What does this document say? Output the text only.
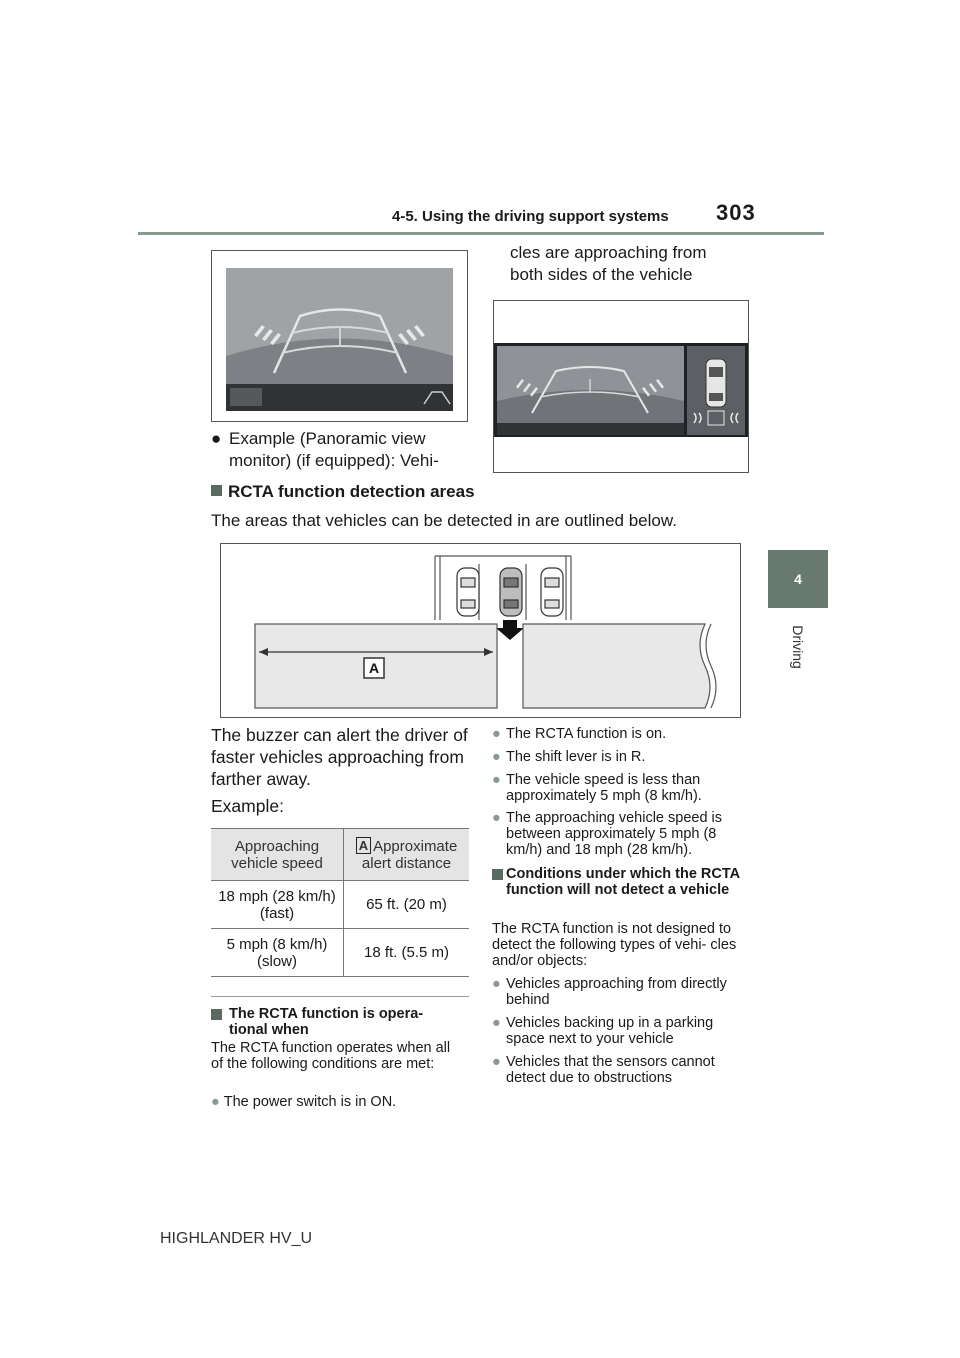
4-5. Using the driving support systems 303
4
Driving
cles are approaching from both sides of the vehicle
● Example (Panoramic view monitor) (if equipped): Vehi-
RCTA function detection areas
The areas that vehicles can be detected in are outlined below.
A
The buzzer can alert the driver of faster vehicles approaching from farther away.
Example:
Approaching vehicle speed	A Approximate alert distance
18 mph (28 km/h) (fast)	65 ft. (20 m)
5 mph (8 km/h) (slow)	18 ft. (5.5 m)
The RCTA function is opera- tional when
The RCTA function operates when all of the following conditions are met:
● The power switch is in ON.
● The RCTA function is on.
● The shift lever is in R.
● The vehicle speed is less than approximately 5 mph (8 km/h).
● The approaching vehicle speed is between approximately 5 mph (8 km/h) and 18 mph (28 km/h).
Conditions under which the RCTA function will not detect a vehicle
The RCTA function is not designed to detect the following types of vehi- cles and/or objects:
● Vehicles approaching from directly behind
● Vehicles backing up in a parking space next to your vehicle
● Vehicles that the sensors cannot detect due to obstructions
HIGHLANDER HV_U
